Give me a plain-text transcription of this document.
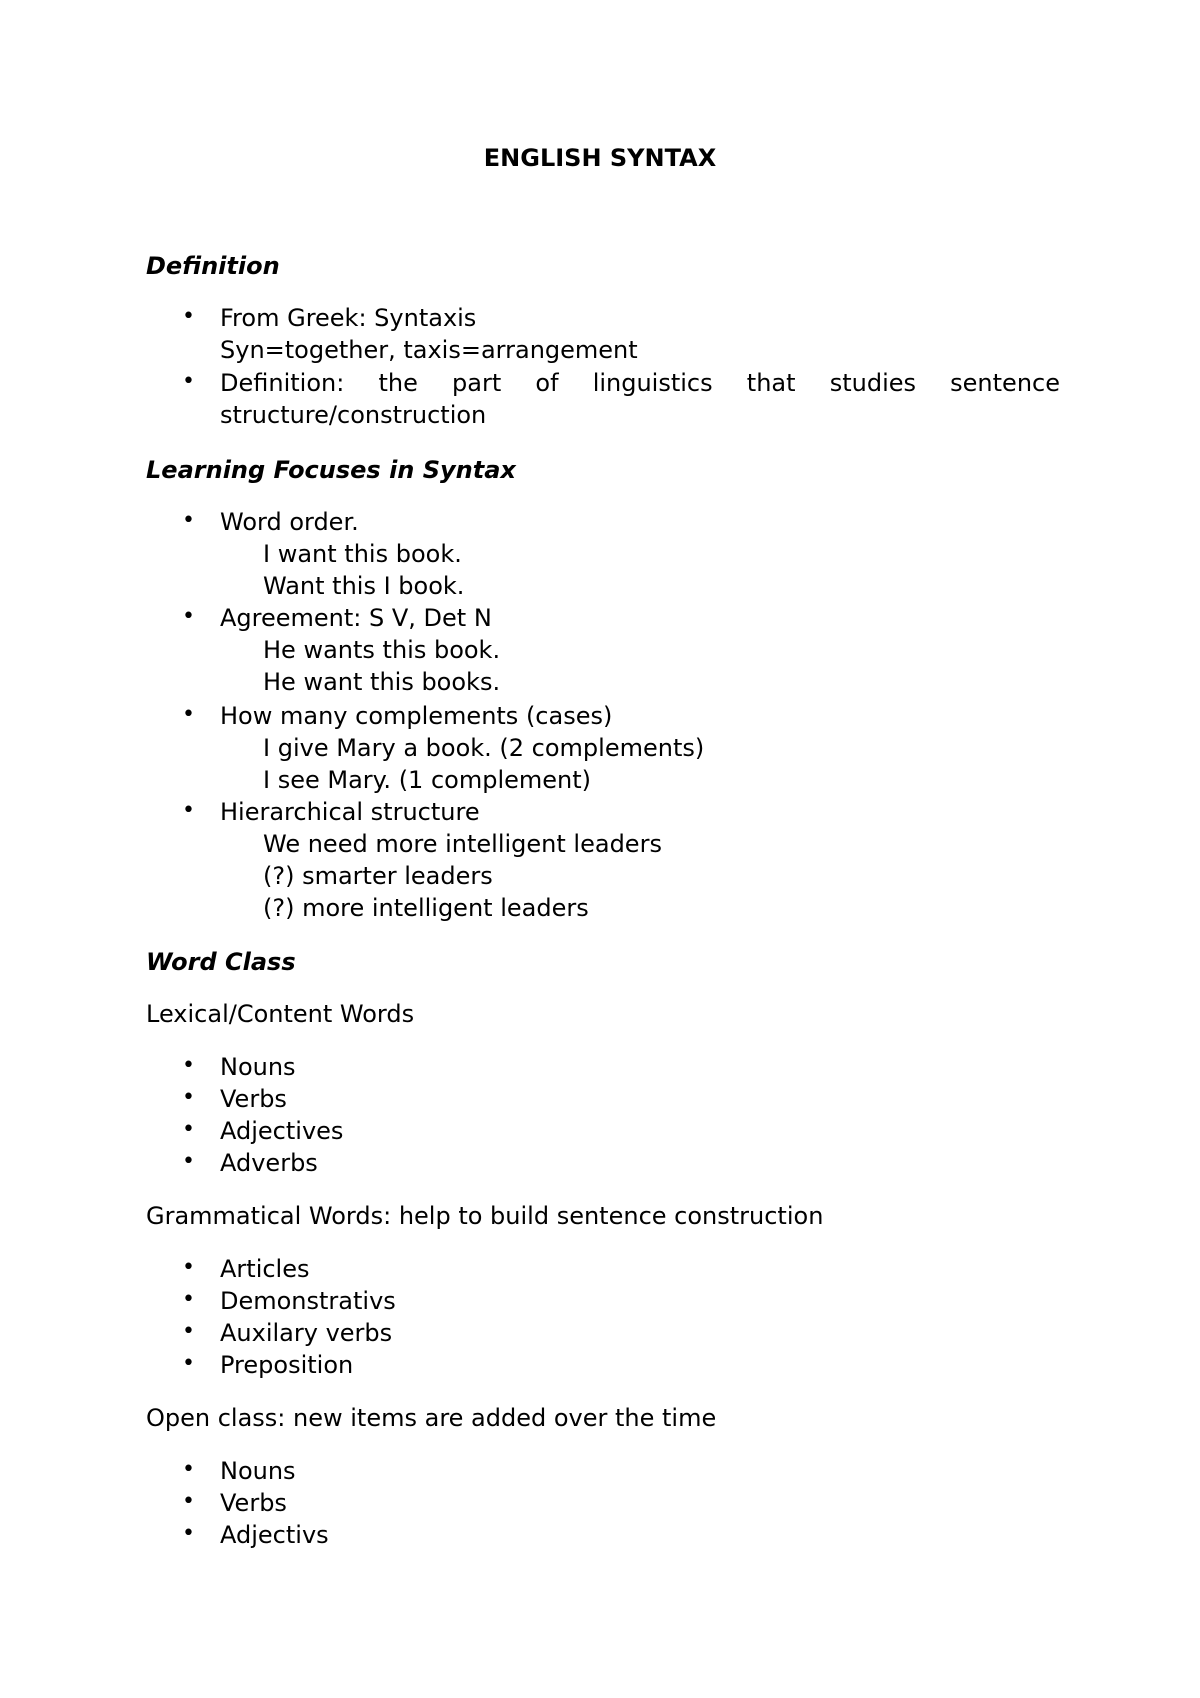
ENGLISH SYNTAX
Definition
• From Greek: Syntaxis
Syn=together, taxis=arrangement
• Definition: the part of linguistics that studies sentence
structure/construction
Learning Focuses in Syntax
• Word order.
I want this book.
Want this I book.
• Agreement: S V, Det N
He wants this book.
He want this books.
• How many complements (cases)
I give Mary a book. (2 complements)
I see Mary. (1 complement)
• Hierarchical structure
We need more intelligent leaders
(?) smarter leaders
(?) more intelligent leaders
Word Class
Lexical/Content Words
• Nouns
• Verbs
• Adjectives
• Adverbs
Grammatical Words: help to build sentence construction
• Articles
• Demonstrativs
• Auxilary verbs
• Preposition
Open class: new items are added over the time
• Nouns
• Verbs
• Adjectivs
